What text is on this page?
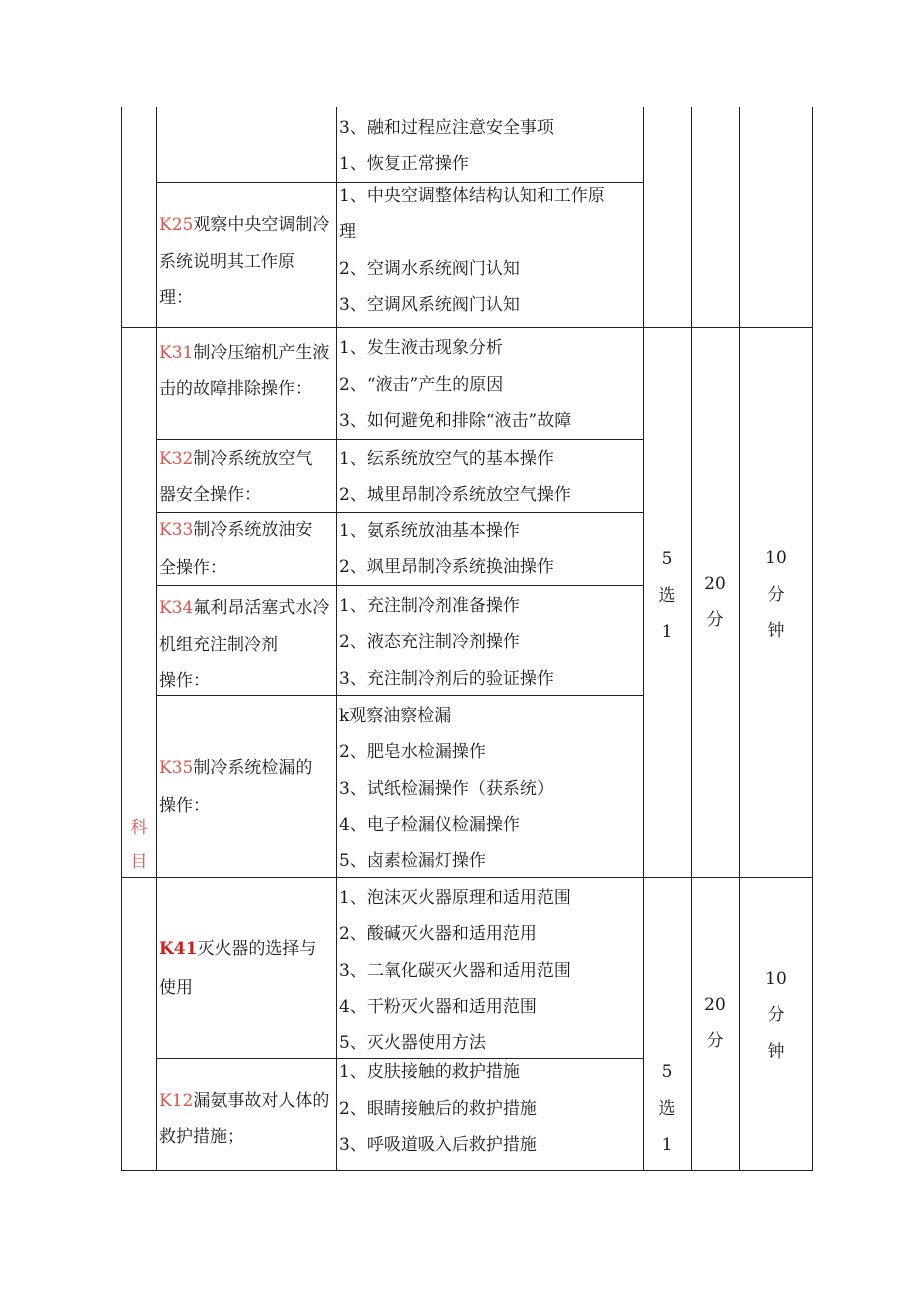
3、融和过程应注意安全事项
1、恢复正常操作
K25观察中央空调制冷
系统说明其工作原
理：
1、中央空调整体结构认知和工作原
理
2、空调水系统阀门认知
3、空调风系统阀门认知
K31制冷压缩机产生液
击的故障排除操作：
1、发生液击现象分析
2、“液击”产生的原因
3、如何避免和排除“液击”故障
K32制冷系统放空气
器安全操作：
1、纭系统放空气的基本操作
2、城里昂制冷系统放空气操作
K33制冷系统放油安
全操作：
1、氨系统放油基本操作
2、飒里昂制冷系统换油操作
K34氟利昂活塞式水冷
机组充注制冷剂
操作：
1、充注制冷剂准备操作
2、液态充注制冷剂操作
3、充注制冷剂后的验证操作
K35制冷系统检漏的
操作：
k观察油察检漏
2、肥皂水检漏操作
3、试纸检漏操作（获系统）
4、电子检漏仪检漏操作
5、卤素检漏灯操作
科
目
5
选
1
20
分
10
分
钟
K41灭火器的选择与
使用
1、泡沫灭火器原理和适用范围
2、酸碱灭火器和适用范用
3、二氧化碳灭火器和适用范围
4、干粉灭火器和适用范围
5、灭火器使用方法
K12漏氨事故对人体的
救护措施；
1、皮肤接触的救护措施
2、眼睛接触后的救护措施
3、呼吸道吸入后救护措施
5
选
1
20
分
10
分
钟
